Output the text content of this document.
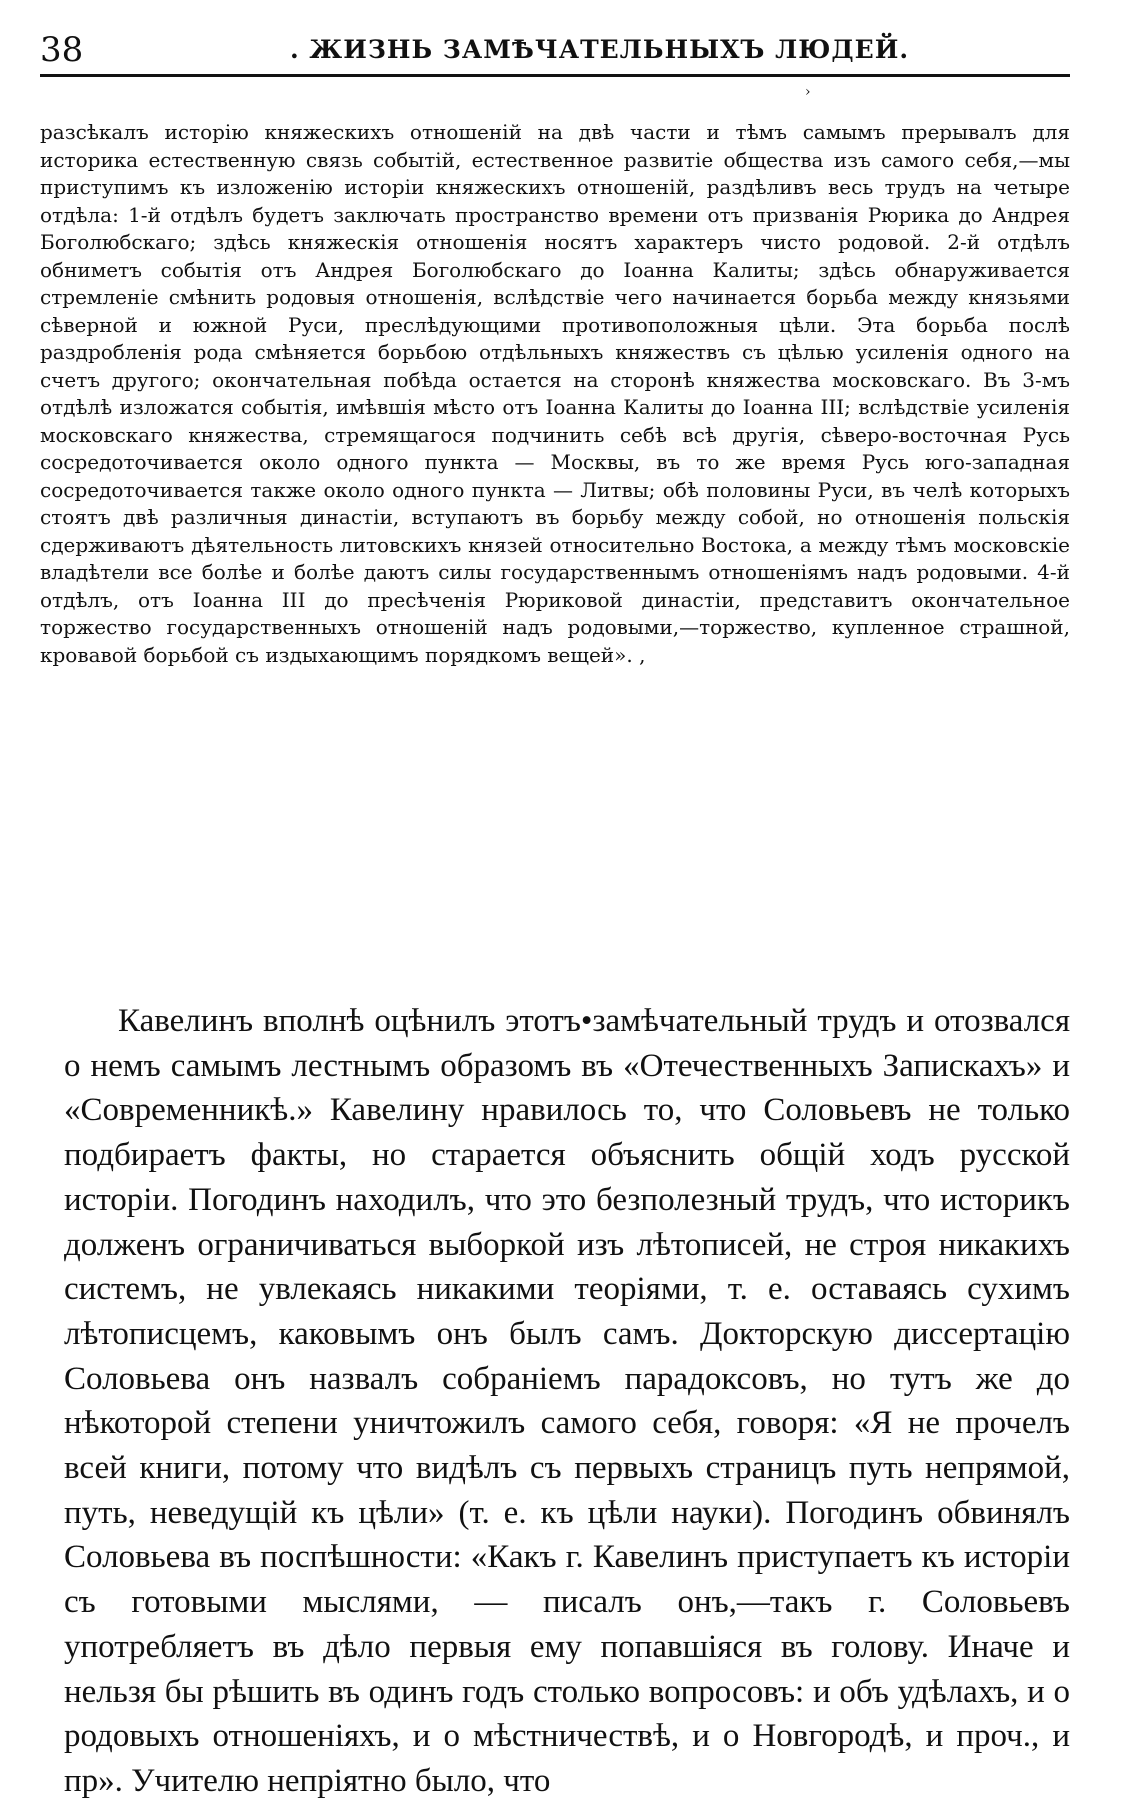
38	. ЖИЗНЬ ЗАМѢЧАТЕЛЬНЫХЪ ЛЮДЕЙ.
›

разсѣкалъ исторію княжескихъ отношеній на двѣ части и тѣмъ самымъ прерывалъ для историка естественную связь событій, естественное развитіе общества изъ самого себя,—мы приступимъ къ изложенію исторіи княжескихъ отношеній, раздѣливъ весь трудъ на четыре отдѣла: 1-й отдѣлъ будетъ заключать пространство времени отъ призванія Рюрика до Андрея Боголюбскаго; здѣсь княжескія отношенія носятъ характеръ чисто родовой. 2-й отдѣлъ обниметъ событія отъ Андрея Боголюбскаго до Іоанна Калиты; здѣсь обнаруживается стремленіе смѣнить родовыя отношенія, вслѣдствіе чего начинается борьба между князьями сѣверной и южной Руси, преслѣдующими противоположныя цѣли. Эта борьба послѣ раздробленія рода смѣняется борьбою отдѣльныхъ княжествъ съ цѣлью усиленія одного на счетъ другого; окончательная побѣда остается на сторонѣ княжества московскаго. Въ 3-мъ отдѣлѣ изложатся событія, имѣвшія мѣсто отъ Іоанна Калиты до Іоанна III; вслѣдствіе усиленія московскаго княжества, стремящагося подчинить себѣ всѣ другія, сѣверо-восточная Русь сосредоточивается около одного пункта — Москвы, въ то же время Русь юго-западная сосредоточивается также около одного пункта — Литвы; обѣ половины Руси, въ челѣ которыхъ стоятъ двѣ различныя династіи, вступаютъ въ борьбу между собой, но отношенія польскія сдерживаютъ дѣятельность литовскихъ князей относительно Востока, а между тѣмъ московскіе владѣтели все болѣе и болѣе даютъ силы государственнымъ отношеніямъ надъ родовыми. 4-й отдѣлъ, отъ Іоанна III до пресѣченія Рюриковой династіи, представитъ окончательное торжество государственныхъ отношеній надъ родовыми,—торжество, купленное страшной, кровавой борьбой съ издыхающимъ порядкомъ вещей». ,

Кавелинъ вполнѣ оцѣнилъ этотъ•замѣчательный трудъ и отозвался о немъ самымъ лестнымъ образомъ въ «Отечественныхъ Запискахъ» и «Современникѣ.» Кавелину нравилось то, что Соловьевъ не только подбираетъ факты, но старается объяснить общій ходъ русской исторіи. Погодинъ находилъ, что это безполезный трудъ, что историкъ долженъ ограничиваться выборкой изъ лѣтописей, не строя никакихъ системъ, не увлекаясь никакими теоріями, т. е. оставаясь сухимъ лѣтописцемъ, каковымъ онъ былъ самъ. Докторскую диссертацію Соловьева онъ назвалъ собраніемъ парадоксовъ, но тутъ же до нѣкоторой степени уничтожилъ самого себя, говоря: «Я не прочелъ всей книги, потому что видѣлъ съ первыхъ страницъ путь непрямой, путь, неведущій къ цѣли» (т. е. къ цѣли науки). Погодинъ обвинялъ Соловьева въ поспѣшности: «Какъ г. Кавелинъ приступаетъ къ исторіи съ готовыми мыслями, — писалъ онъ,—такъ г. Соловьевъ употребляетъ въ дѣло первыя ему попавшіяся въ голову. Иначе и нельзя бы рѣшить въ одинъ годъ столько вопросовъ: и объ удѣлахъ, и о родовыхъ отношеніяхъ, и о мѣстничествѣ, и о Новгородѣ, и проч., и пр». Учителю непріятно было, что
